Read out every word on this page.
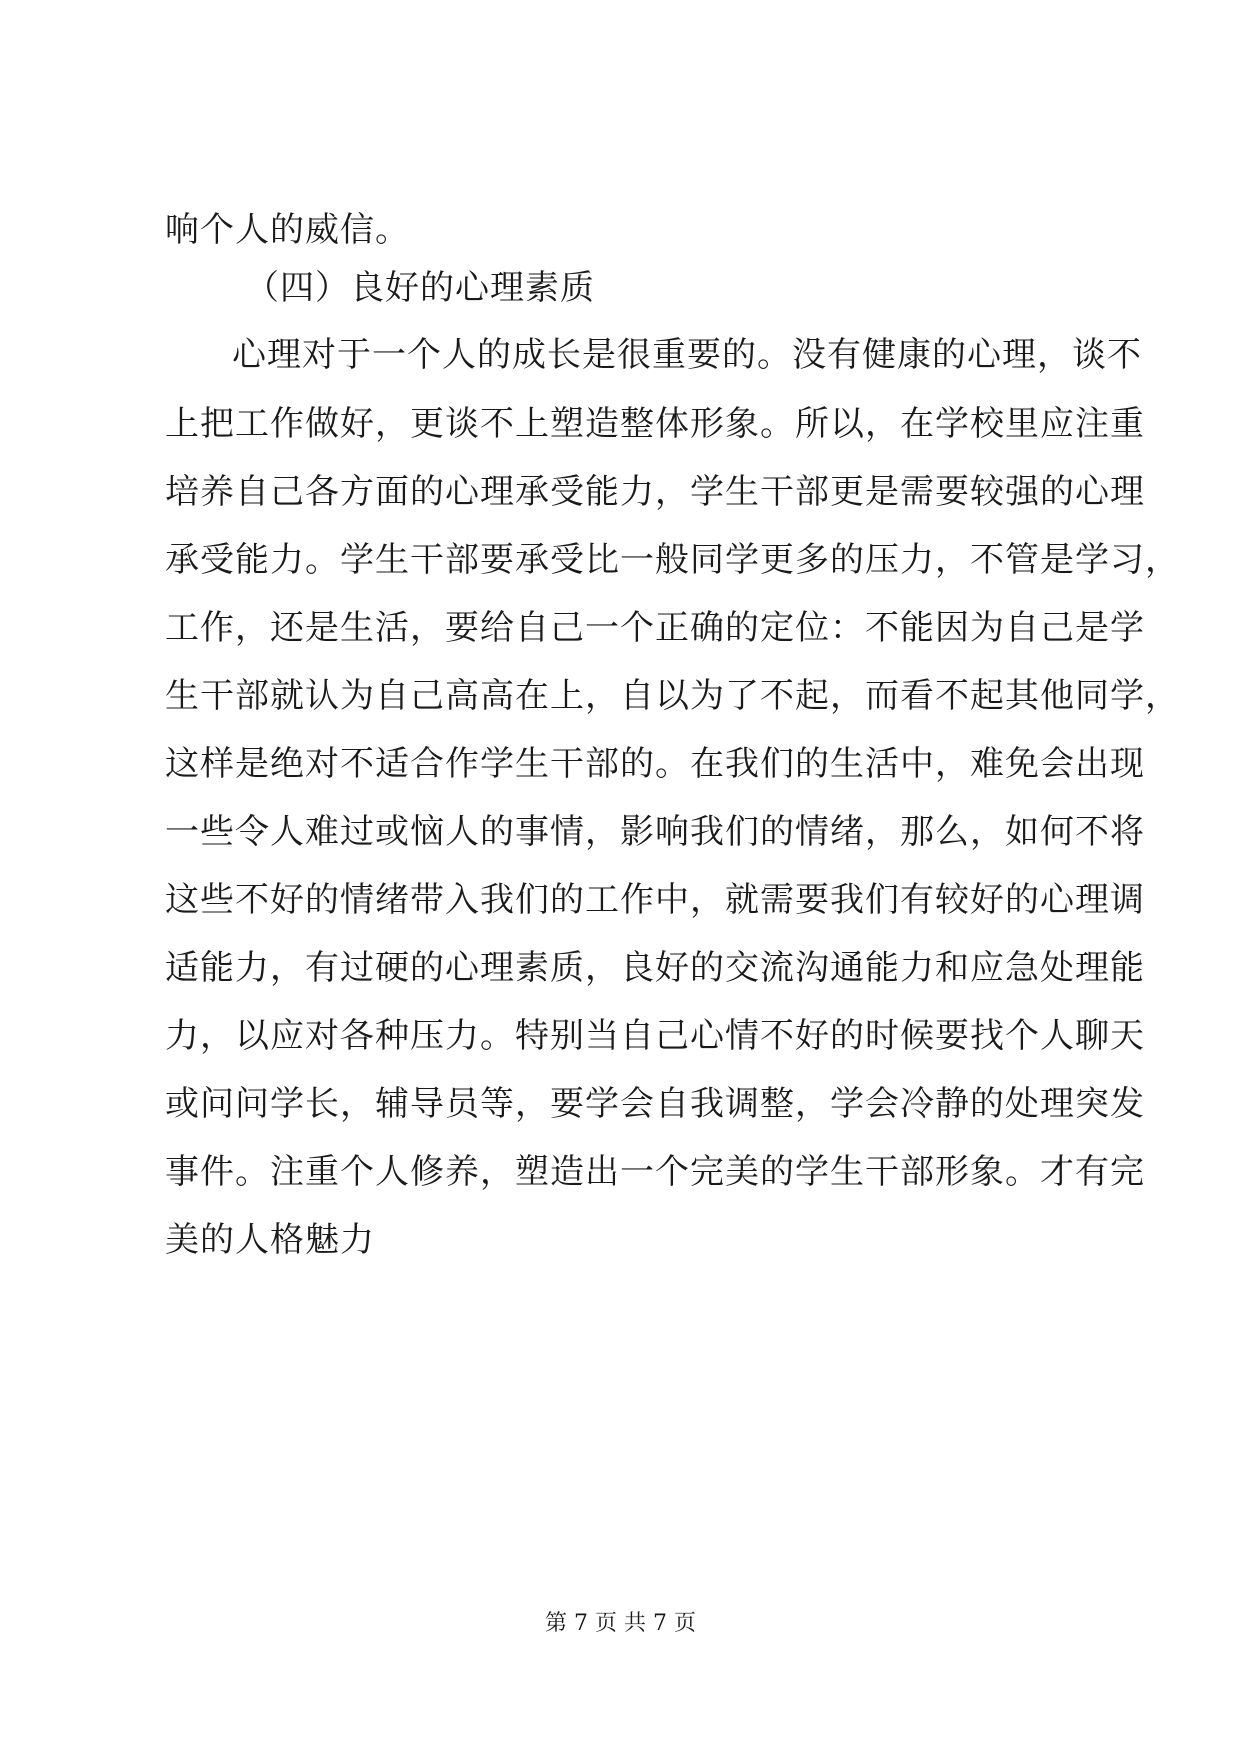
响个人的威信。
（四）良好的心理素质
心理对于一个人的成长是很重要的。没有健康的心理，谈不
上把工作做好，更谈不上塑造整体形象。所以，在学校里应注重
培养自己各方面的心理承受能力，学生干部更是需要较强的心理
承受能力。学生干部要承受比一般同学更多的压力，不管是学习，
工作，还是生活，要给自己一个正确的定位：不能因为自己是学
生干部就认为自己高高在上，自以为了不起，而看不起其他同学，
这样是绝对不适合作学生干部的。在我们的生活中，难免会出现
一些令人难过或恼人的事情，影响我们的情绪，那么，如何不将
这些不好的情绪带入我们的工作中，就需要我们有较好的心理调
适能力，有过硬的心理素质，良好的交流沟通能力和应急处理能
力，以应对各种压力。特别当自己心情不好的时候要找个人聊天
或问问学长，辅导员等，要学会自我调整，学会冷静的处理突发
事件。注重个人修养，塑造出一个完美的学生干部形象。才有完
美的人格魅力
第 7 页 共 7 页
